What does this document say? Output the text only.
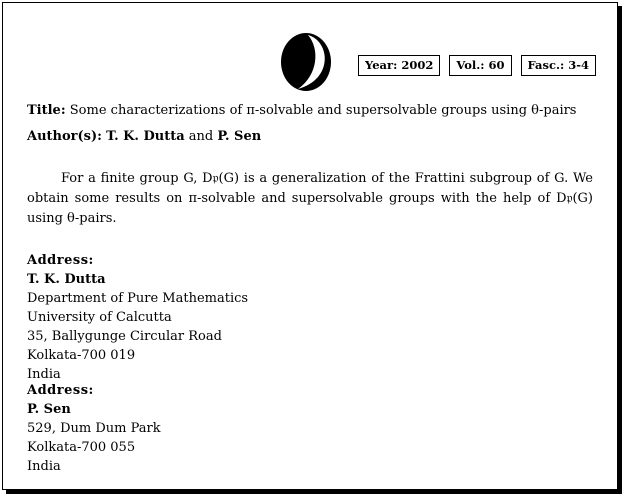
Year: 2002	Vol.: 60	Fasc.: 3-4
Title: Some characterizations of π-solvable and supersolvable groups using θ-pairs
Author(s): T. K. Dutta and P. Sen

For a finite group G, D𝔭(G) is a generalization of the Frattini subgroup of G. We obtain some results on π-solvable and supersolvable groups with the help of D𝔭(G) using θ-pairs.

Address:
T. K. Dutta
Department of Pure Mathematics
University of Calcutta
35, Ballygunge Circular Road
Kolkata-700 019
India
Address:
P. Sen
529, Dum Dum Park
Kolkata-700 055
India
